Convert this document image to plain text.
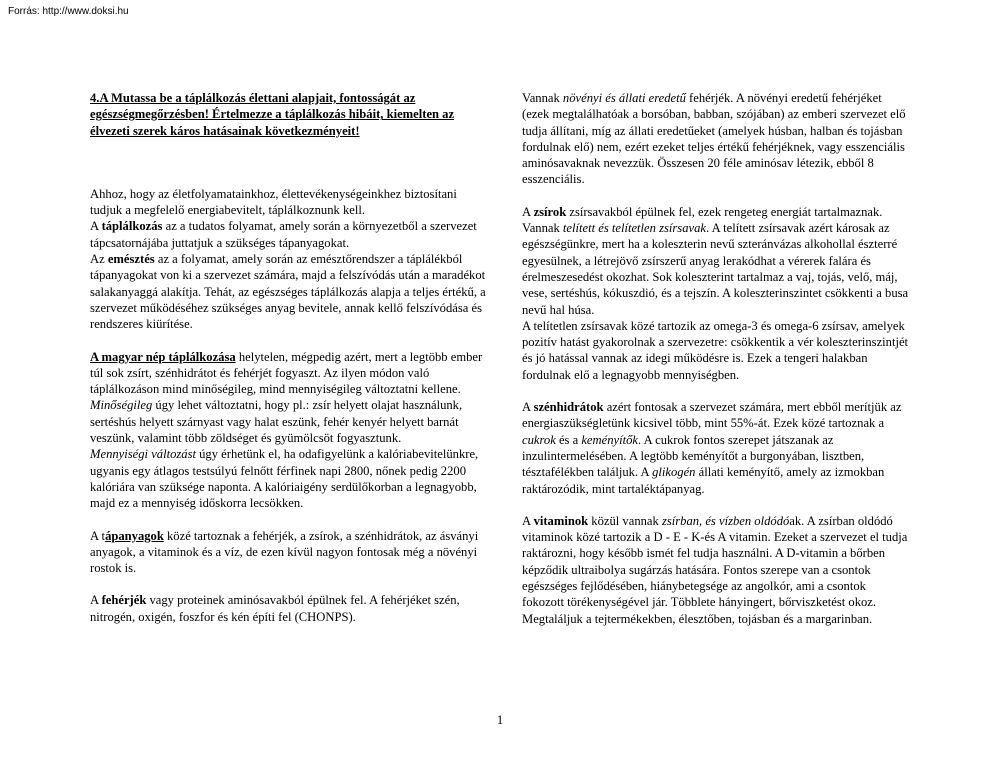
Forrás: http://www.doksi.hu

4.A Mutassa be a táplálkozás élettani alapjait, fontosságát az egészségmegőrzésben! Értelmezze a táplálkozás hibáit, kiemelten az élvezeti szerek káros hatásainak következményeit!

Ahhoz, hogy az életfolyamatainkhoz, élettevékenységeinkhez biztosítani tudjuk a megfelelő energiabevitelt, táplálkoznunk kell.
A táplálkozás az a tudatos folyamat, amely során a környezetből a szervezet tápcsatornájába juttatjuk a szükséges tápanyagokat.
Az emésztés az a folyamat, amely során az emésztőrendszer a táplálékból tápanyagokat von ki a szervezet számára, majd a felszívódás után a maradékot salakanyaggá alakítja. Tehát, az egészséges táplálkozás alapja a teljes értékű, a szervezet működéséhez szükséges anyag bevitele, annak kellő felszívódása és rendszeres kiürítése.

A magyar nép táplálkozása helytelen, mégpedig azért, mert a legtöbb ember túl sok zsírt, szénhidrátot és fehérjét fogyaszt. Az ilyen módon való táplálkozáson mind minőségileg, mind mennyiségileg változtatni kellene.
Minőségileg úgy lehet változtatni, hogy pl.: zsír helyett olajat használunk, sertéshús helyett szárnyast vagy halat eszünk, fehér kenyér helyett barnát veszünk, valamint több zöldséget és gyümölcsöt fogyasztunk.
Mennyiségi változást úgy érhetünk el, ha odafigyelünk a kalóriabevitelünkre, ugyanis egy átlagos testsúlyú felnőtt férfinek napi 2800, nőnek pedig 2200 kalóriára van szüksége naponta. A kalóriaigény serdülőkorban a legnagyobb, majd ez a mennyiség időskorra lecsökken.

A tápanyagok közé tartoznak a fehérjék, a zsírok, a szénhidrátok, az ásványi anyagok, a vitaminok és a víz, de ezen kívül nagyon fontosak még a növényi rostok is.

A fehérjék vagy proteinek aminósavakból épülnek fel. A fehérjéket szén, nitrogén, oxigén, foszfor és kén építi fel (CHONPS).

Vannak növényi és állati eredetű fehérjék. A növényi eredetű fehérjéket (ezek megtalálhatóak a borsóban, babban, szójában) az emberi szervezet elő tudja állítani, míg az állati eredetűeket (amelyek húsban, halban és tojásban fordulnak elő) nem, ezért ezeket teljes értékű fehérjéknek, vagy esszenciális aminósavaknak nevezzük. Összesen 20 féle aminósav létezik, ebből 8 esszenciális.

A zsírok zsírsavakból épülnek fel, ezek rengeteg energiát tartalmaznak. Vannak telített és telítetlen zsírsavak. A telített zsírsavak azért károsak az egészségünkre, mert ha a koleszterin nevű szteránvázas alkohollal észterré egyesülnek, a létrejövő zsírszerű anyag lerakódhat a vérerek falára és érelmeszesedést okozhat. Sok koleszterint tartalmaz a vaj, tojás, velő, máj, vese, sertéshús, kókuszdió, és a tejszín. A koleszterinszintet csökkenti a busa nevű hal húsa.
A telítetlen zsírsavak közé tartozik az omega-3 és omega-6 zsírsav, amelyek pozitív hatást gyakorolnak a szervezetre: csökkentik a vér koleszterinszintjét és jó hatással vannak az idegi működésre is. Ezek a tengeri halakban fordulnak elő a legnagyobb mennyiségben.

A szénhidrátok azért fontosak a szervezet számára, mert ebből merítjük az energiaszükségletünk kicsivel több, mint 55%-át. Ezek közé tartoznak a cukrok és a keményítők. A cukrok fontos szerepet játszanak az inzulintermelésében. A legtöbb keményítőt a burgonyában, lisztben, tésztafélékben találjuk. A glikogén állati keményítő, amely az izmokban raktározódik, mint tartaléktápanyag.

A vitaminok közül vannak zsírban, és vízben oldódóak. A zsírban oldódó vitaminok közé tartozik a D - E - K-és A vitamin. Ezeket a szervezet el tudja raktározni, hogy később ismét fel tudja használni. A D-vitamin a bőrben képződik ultraibolya sugárzás hatására. Fontos szerepe van a csontok egészséges fejlődésében, hiánybetegsége az angolkór, ami a csontok fokozott törékenységével jár. Többlete hányingert, bőrviszketést okoz. Megtaláljuk a tejtermékekben, élesztőben, tojásban és a margarinban.

1
